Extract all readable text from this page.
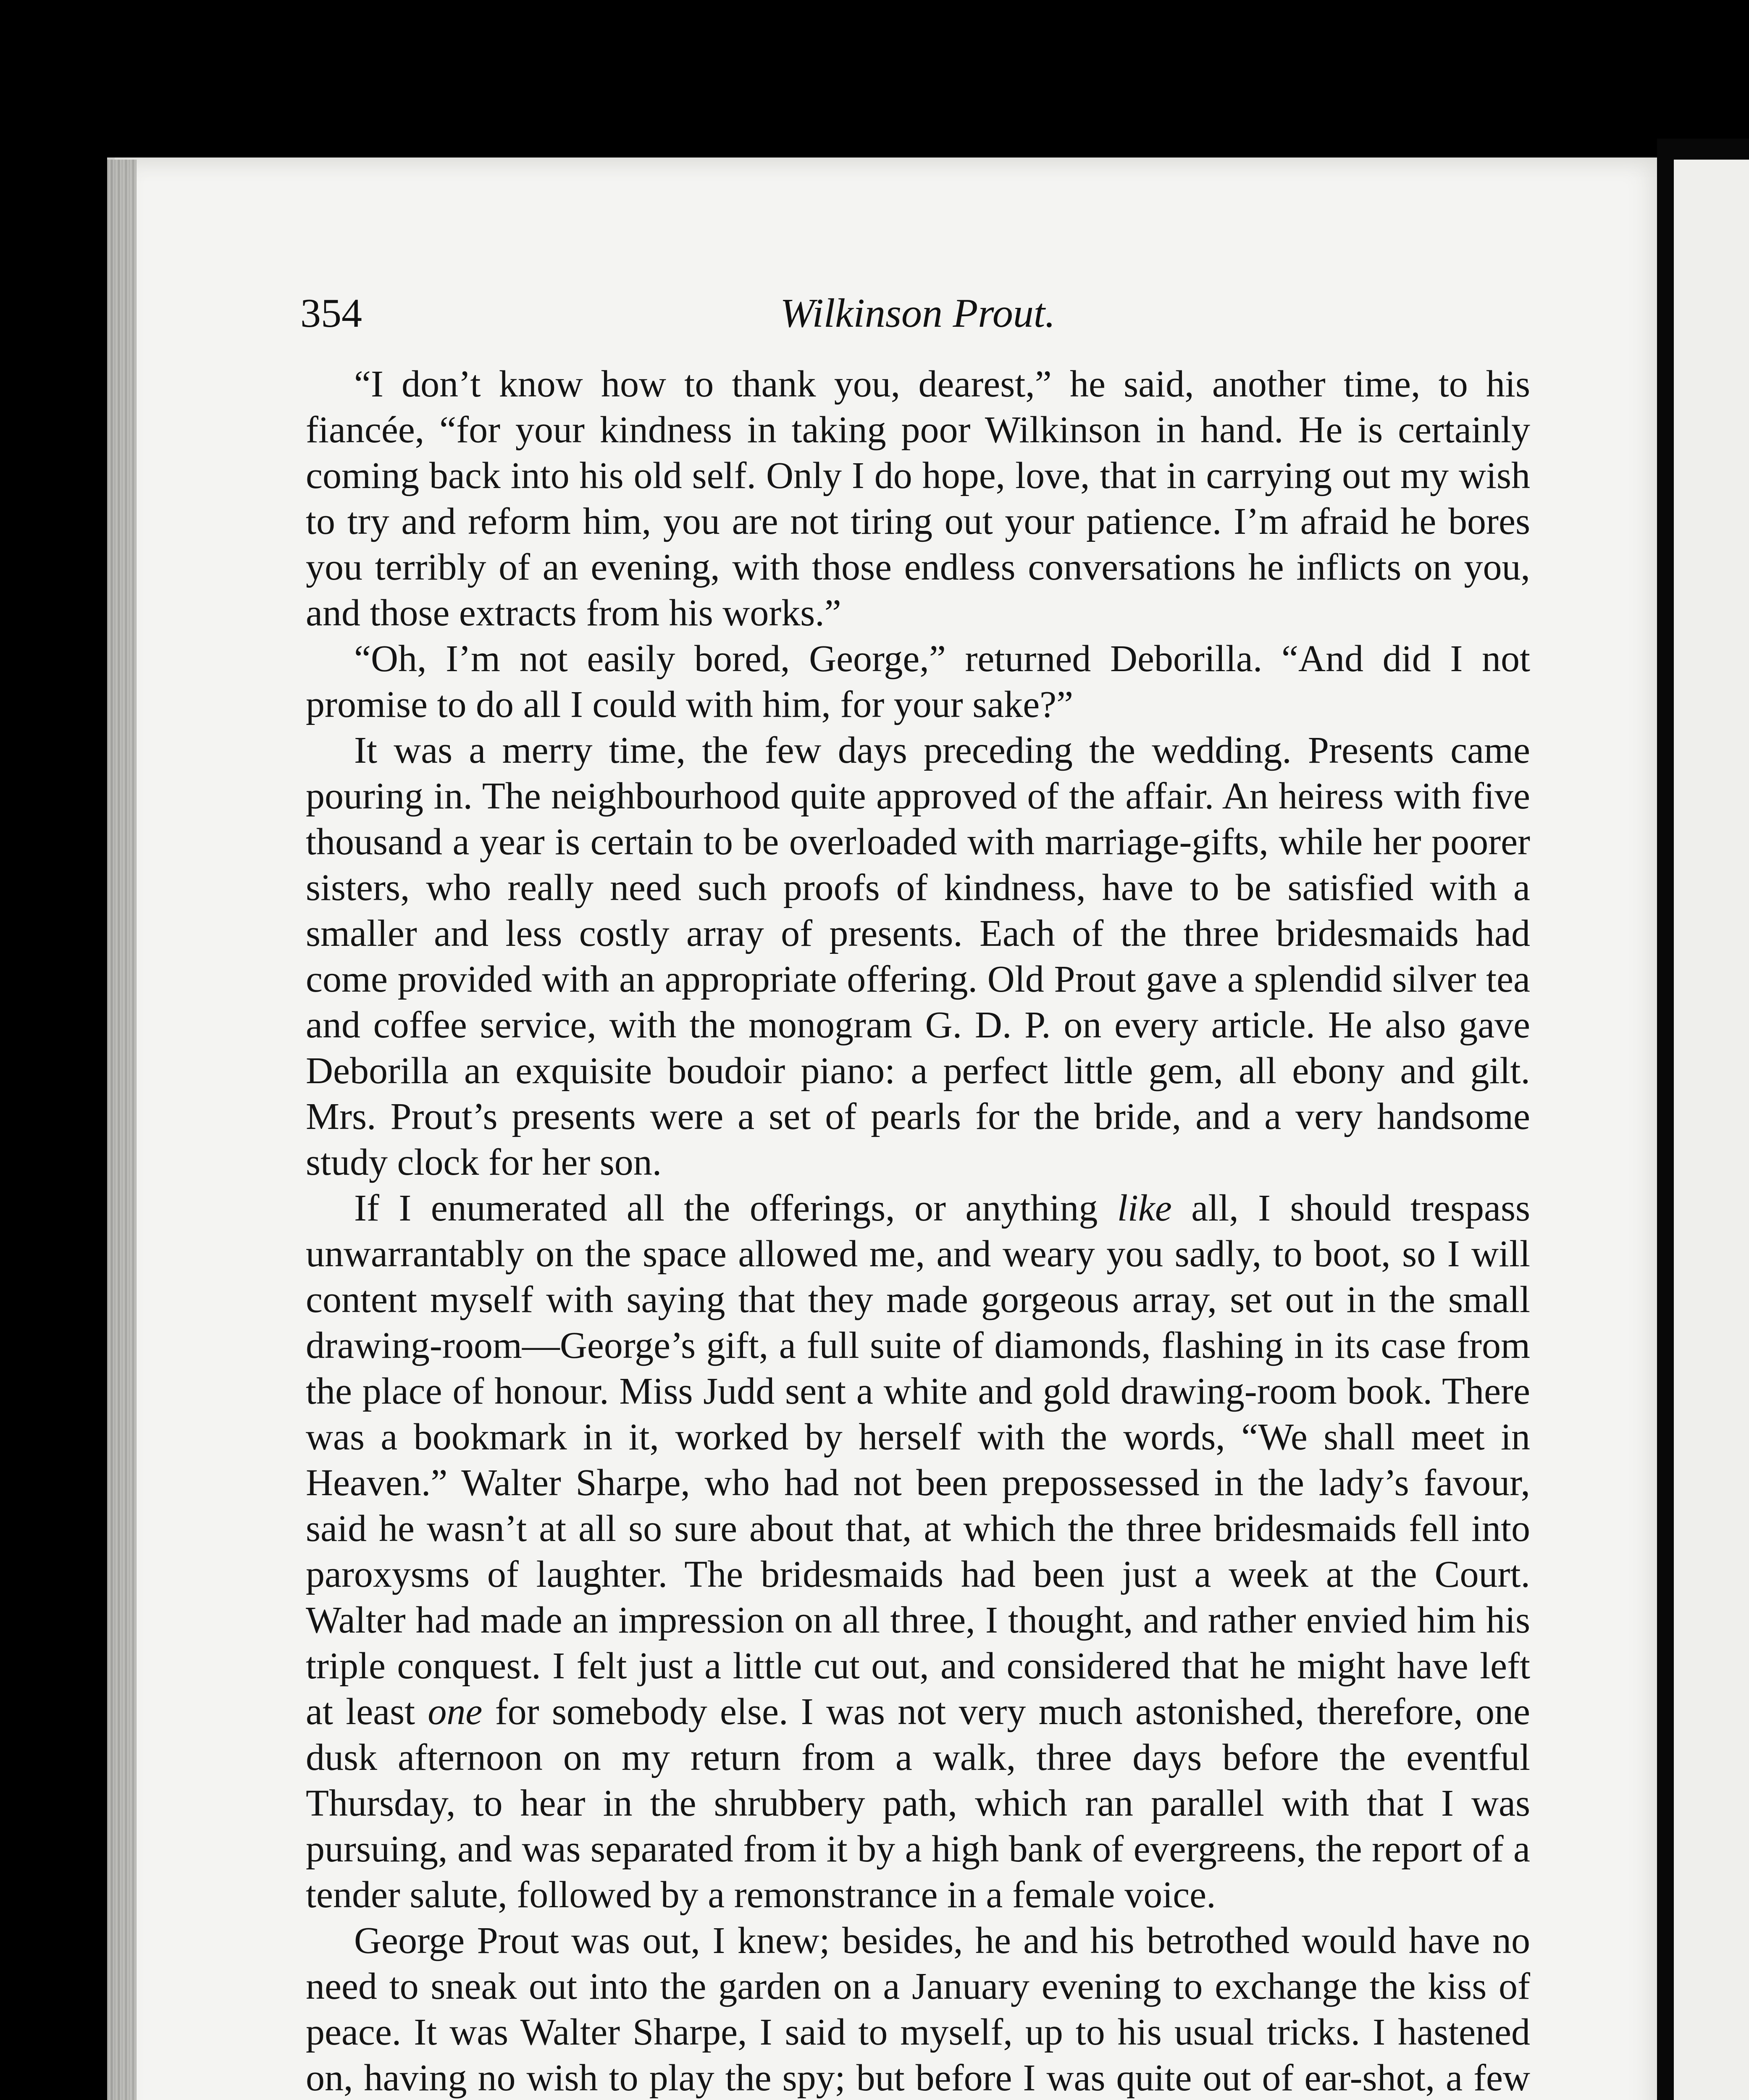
354	Wilkinson Prout.

“I don’t know how to thank you, dearest,” he said, another time, to his fiancée, “for your kindness in taking poor Wilkinson in hand. He is certainly coming back into his old self. Only I do hope, love, that in carrying out my wish to try and reform him, you are not tiring out your patience. I’m afraid he bores you terribly of an evening, with those endless conversations he inflicts on you, and those extracts from his works.”

“Oh, I’m not easily bored, George,” returned Deborilla. “And did I not promise to do all I could with him, for your sake?”

It was a merry time, the few days preceding the wedding. Presents came pouring in. The neighbourhood quite approved of the affair. An heiress with five thousand a year is certain to be overloaded with marriage-gifts, while her poorer sisters, who really need such proofs of kindness, have to be satisfied with a smaller and less costly array of presents. Each of the three bridesmaids had come provided with an appropriate offering. Old Prout gave a splendid silver tea and coffee service, with the monogram G. D. P. on every article. He also gave Deborilla an exquisite boudoir piano: a perfect little gem, all ebony and gilt. Mrs. Prout’s presents were a set of pearls for the bride, and a very handsome study clock for her son.

If I enumerated all the offerings, or anything like all, I should trespass unwarrantably on the space allowed me, and weary you sadly, to boot, so I will content myself with saying that they made gorgeous array, set out in the small drawing-room—George’s gift, a full suite of diamonds, flashing in its case from the place of honour. Miss Judd sent a white and gold drawing-room book. There was a bookmark in it, worked by herself with the words, “We shall meet in Heaven.” Walter Sharpe, who had not been prepossessed in the lady’s favour, said he wasn’t at all so sure about that, at which the three bridesmaids fell into paroxysms of laughter. The bridesmaids had been just a week at the Court. Walter had made an impression on all three, I thought, and rather envied him his triple conquest. I felt just a little cut out, and considered that he might have left at least one for somebody else. I was not very much astonished, therefore, one dusk afternoon on my return from a walk, three days before the eventful Thursday, to hear in the shrubbery path, which ran parallel with that I was pursuing, and was separated from it by a high bank of evergreens, the report of a tender salute, followed by a remonstrance in a female voice.

George Prout was out, I knew; besides, he and his betrothed would have no need to sneak out into the garden on a January evening to exchange the kiss of peace. It was Walter Sharpe, I said to myself, up to his usual tricks. I hastened on, having no wish to play the spy; but before I was quite out of ear-shot, a few
